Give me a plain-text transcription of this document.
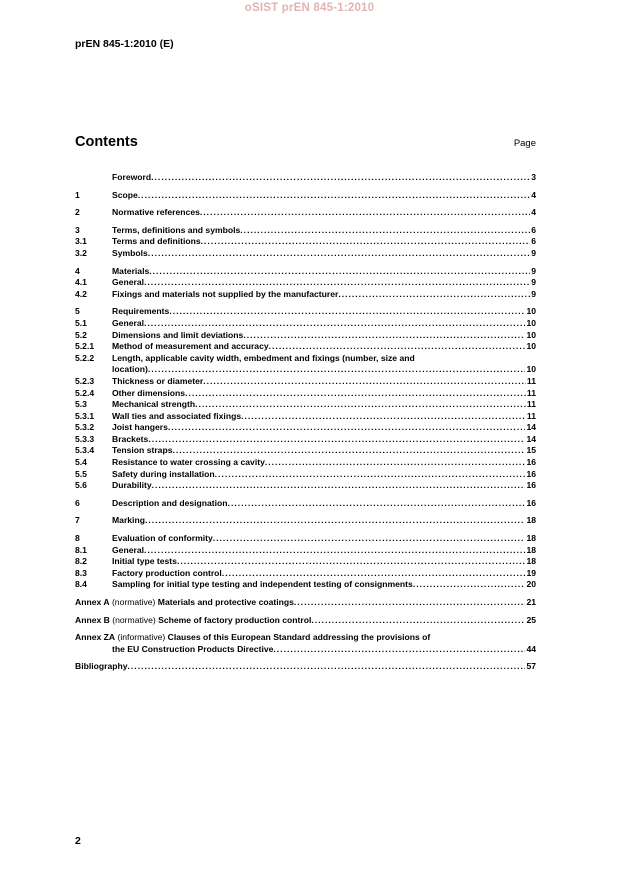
oSIST prEN 845-1:2010
prEN 845-1:2010 (E)
Contents	Page
Foreword .....	3
1	Scope .....	4
2	Normative references .....	4
3	Terms, definitions and symbols .....	6
3.1	Terms and definitions .....	6
3.2	Symbols .....	9
4	Materials .....	9
4.1	General .....	9
4.2	Fixings and materials not supplied by the manufacturer .....	9
5	Requirements .....	10
5.1	General .....	10
5.2	Dimensions and limit deviations .....	10
5.2.1	Method of measurement and accuracy .....	10
5.2.2	Length, applicable cavity width, embedment and fixings (number, size and
location) .....	10
5.2.3	Thickness or diameter .....	11
5.2.4	Other dimensions .....	11
5.3	Mechanical strength .....	11
5.3.1	Wall ties and associated fixings .....	11
5.3.2	Joist hangers .....	14
5.3.3	Brackets .....	14
5.3.4	Tension straps .....	15
5.4	Resistance to water crossing a cavity .....	16
5.5	Safety during installation .....	16
5.6	Durability .....	16
6	Description and designation .....	16
7	Marking .....	18
8	Evaluation of conformity .....	18
8.1	General .....	18
8.2	Initial type tests .....	18
8.3	Factory production control .....	19
8.4	Sampling for initial type testing and independent testing of consignments .....	20
Annex A (normative) Materials and protective coatings .....	21
Annex B (normative) Scheme of factory production control .....	25
Annex ZA (informative) Clauses of this European Standard addressing the provisions of
the EU Construction Products Directive .....	44
Bibliography .....	57
2
